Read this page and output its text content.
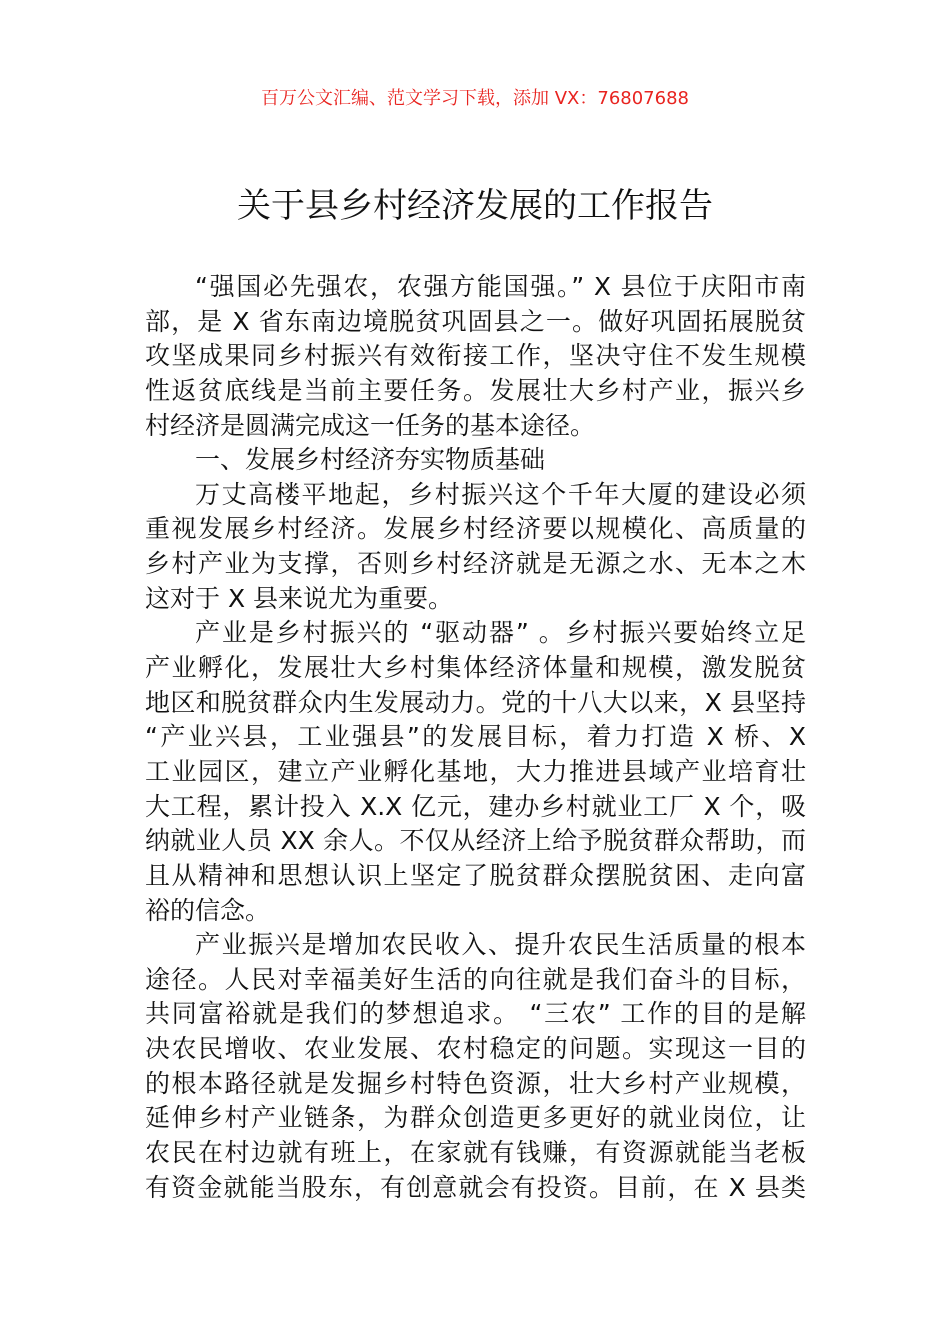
百万公文汇编、范文学习下载，添加 VX：76807688
关于县乡村经济发展的工作报告
“强国必先强农，农强方能国强。” X 县位于庆阳市南
部，是 X 省东南边境脱贫巩固县之一。做好巩固拓展脱贫
攻坚成果同乡村振兴有效衔接工作，坚决守住不发生规模
性返贫底线是当前主要任务。发展壮大乡村产业，振兴乡
村经济是圆满完成这一任务的基本途径。
一、发展乡村经济夯实物质基础
万丈高楼平地起，乡村振兴这个千年大厦的建设必须
重视发展乡村经济。发展乡村经济要以规模化、高质量的
乡村产业为支撑，否则乡村经济就是无源之水、无本之木
这对于 X 县来说尤为重要。
产业是乡村振兴的 “驱动器” 。乡村振兴要始终立足
产业孵化，发展壮大乡村集体经济体量和规模，激发脱贫
地区和脱贫群众内生发展动力。党的十八大以来，X 县坚持
“产业兴县，工业强县”的发展目标，着力打造 X 桥、X
工业园区，建立产业孵化基地，大力推进县域产业培育壮
大工程，累计投入 X.X 亿元，建办乡村就业工厂 X 个，吸
纳就业人员 XX 余人。不仅从经济上给予脱贫群众帮助，而
且从精神和思想认识上坚定了脱贫群众摆脱贫困、走向富
裕的信念。
产业振兴是增加农民收入、提升农民生活质量的根本
途径。人民对幸福美好生活的向往就是我们奋斗的目标，
共同富裕就是我们的梦想追求。 “三农” 工作的目的是解
决农民增收、农业发展、农村稳定的问题。实现这一目的
的根本路径就是发掘乡村特色资源，壮大乡村产业规模，
延伸乡村产业链条，为群众创造更多更好的就业岗位，让
农民在村边就有班上，在家就有钱赚，有资源就能当老板
有资金就能当股东，有创意就会有投资。目前，在 X 县类
